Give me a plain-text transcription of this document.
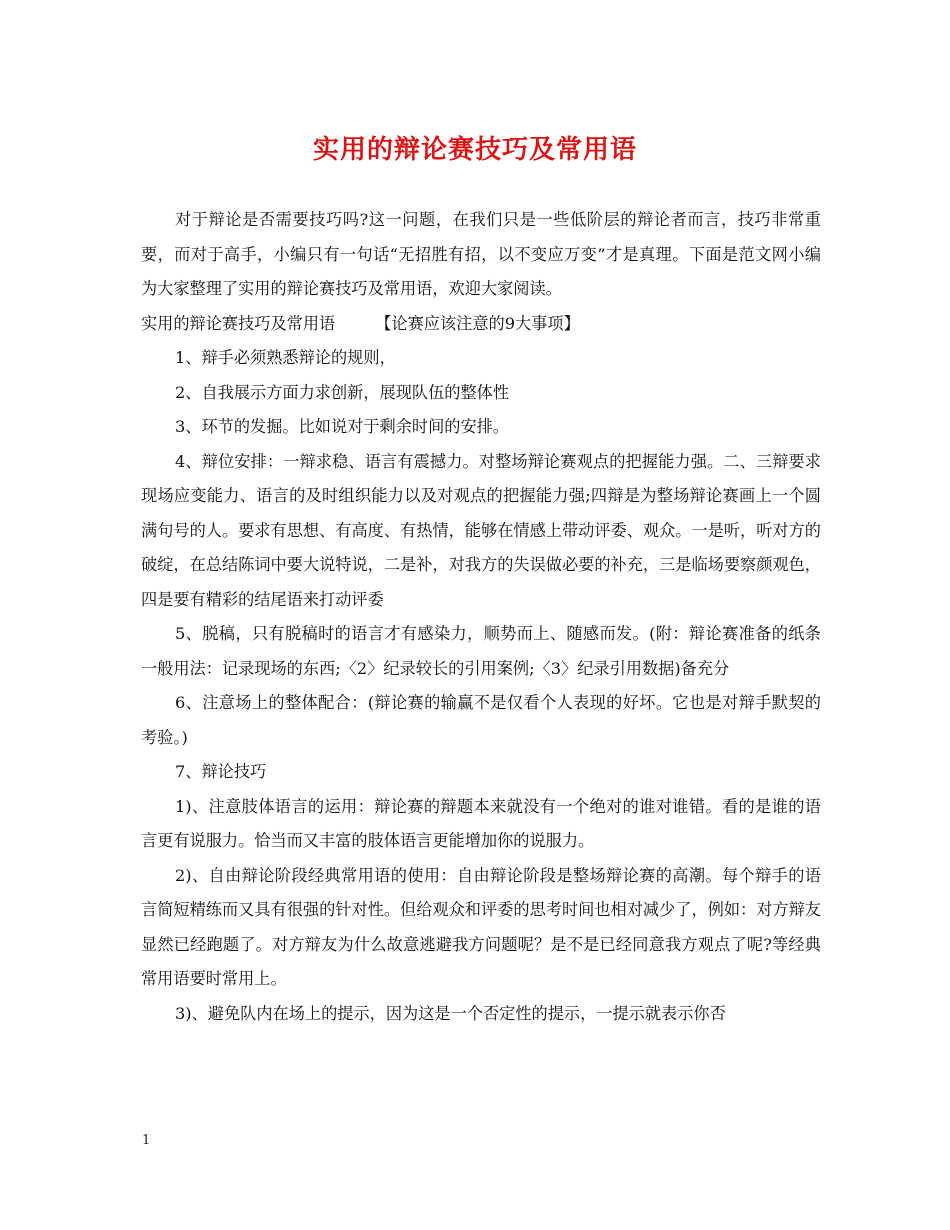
实用的辩论赛技巧及常用语

对于辩论是否需要技巧吗?这一问题，在我们只是一些低阶层的辩论者而言，技巧非常重要，而对于高手，小编只有一句话“无招胜有招，以不变应万变”才是真理。下面是范文网小编为大家整理了实用的辩论赛技巧及常用语，欢迎大家阅读。

实用的辩论赛技巧及常用语 【论赛应该注意的9大事项】

1、辩手必须熟悉辩论的规则，

2、自我展示方面力求创新，展现队伍的整体性

3、环节的发掘。比如说对于剩余时间的安排。

4、辩位安排：一辩求稳、语言有震撼力。对整场辩论赛观点的把握能力强。二、三辩要求现场应变能力、语言的及时组织能力以及对观点的把握能力强;四辩是为整场辩论赛画上一个圆满句号的人。要求有思想、有高度、有热情，能够在情感上带动评委、观众。一是听，听对方的破绽，在总结陈词中要大说特说，二是补，对我方的失误做必要的补充，三是临场要察颜观色，四是要有精彩的结尾语来打动评委

5、脱稿，只有脱稿时的语言才有感染力，顺势而上、随感而发。(附：辩论赛准备的纸条一般用法：记录现场的东西;〈2〉纪录较长的引用案例;〈3〉纪录引用数据)备充分

6、注意场上的整体配合：(辩论赛的输赢不是仅看个人表现的好坏。它也是对辩手默契的考验。)

7、辩论技巧

1)、注意肢体语言的运用：辩论赛的辩题本来就没有一个绝对的谁对谁错。看的是谁的语言更有说服力。恰当而又丰富的肢体语言更能增加你的说服力。

2)、自由辩论阶段经典常用语的使用：自由辩论阶段是整场辩论赛的高潮。每个辩手的语言简短精练而又具有很强的针对性。但给观众和评委的思考时间也相对减少了，例如：对方辩友显然已经跑题了。对方辩友为什么故意逃避我方问题呢？是不是已经同意我方观点了呢?等经典常用语要时常用上。

3)、避免队内在场上的提示，因为这是一个否定性的提示，一提示就表示你否

1
